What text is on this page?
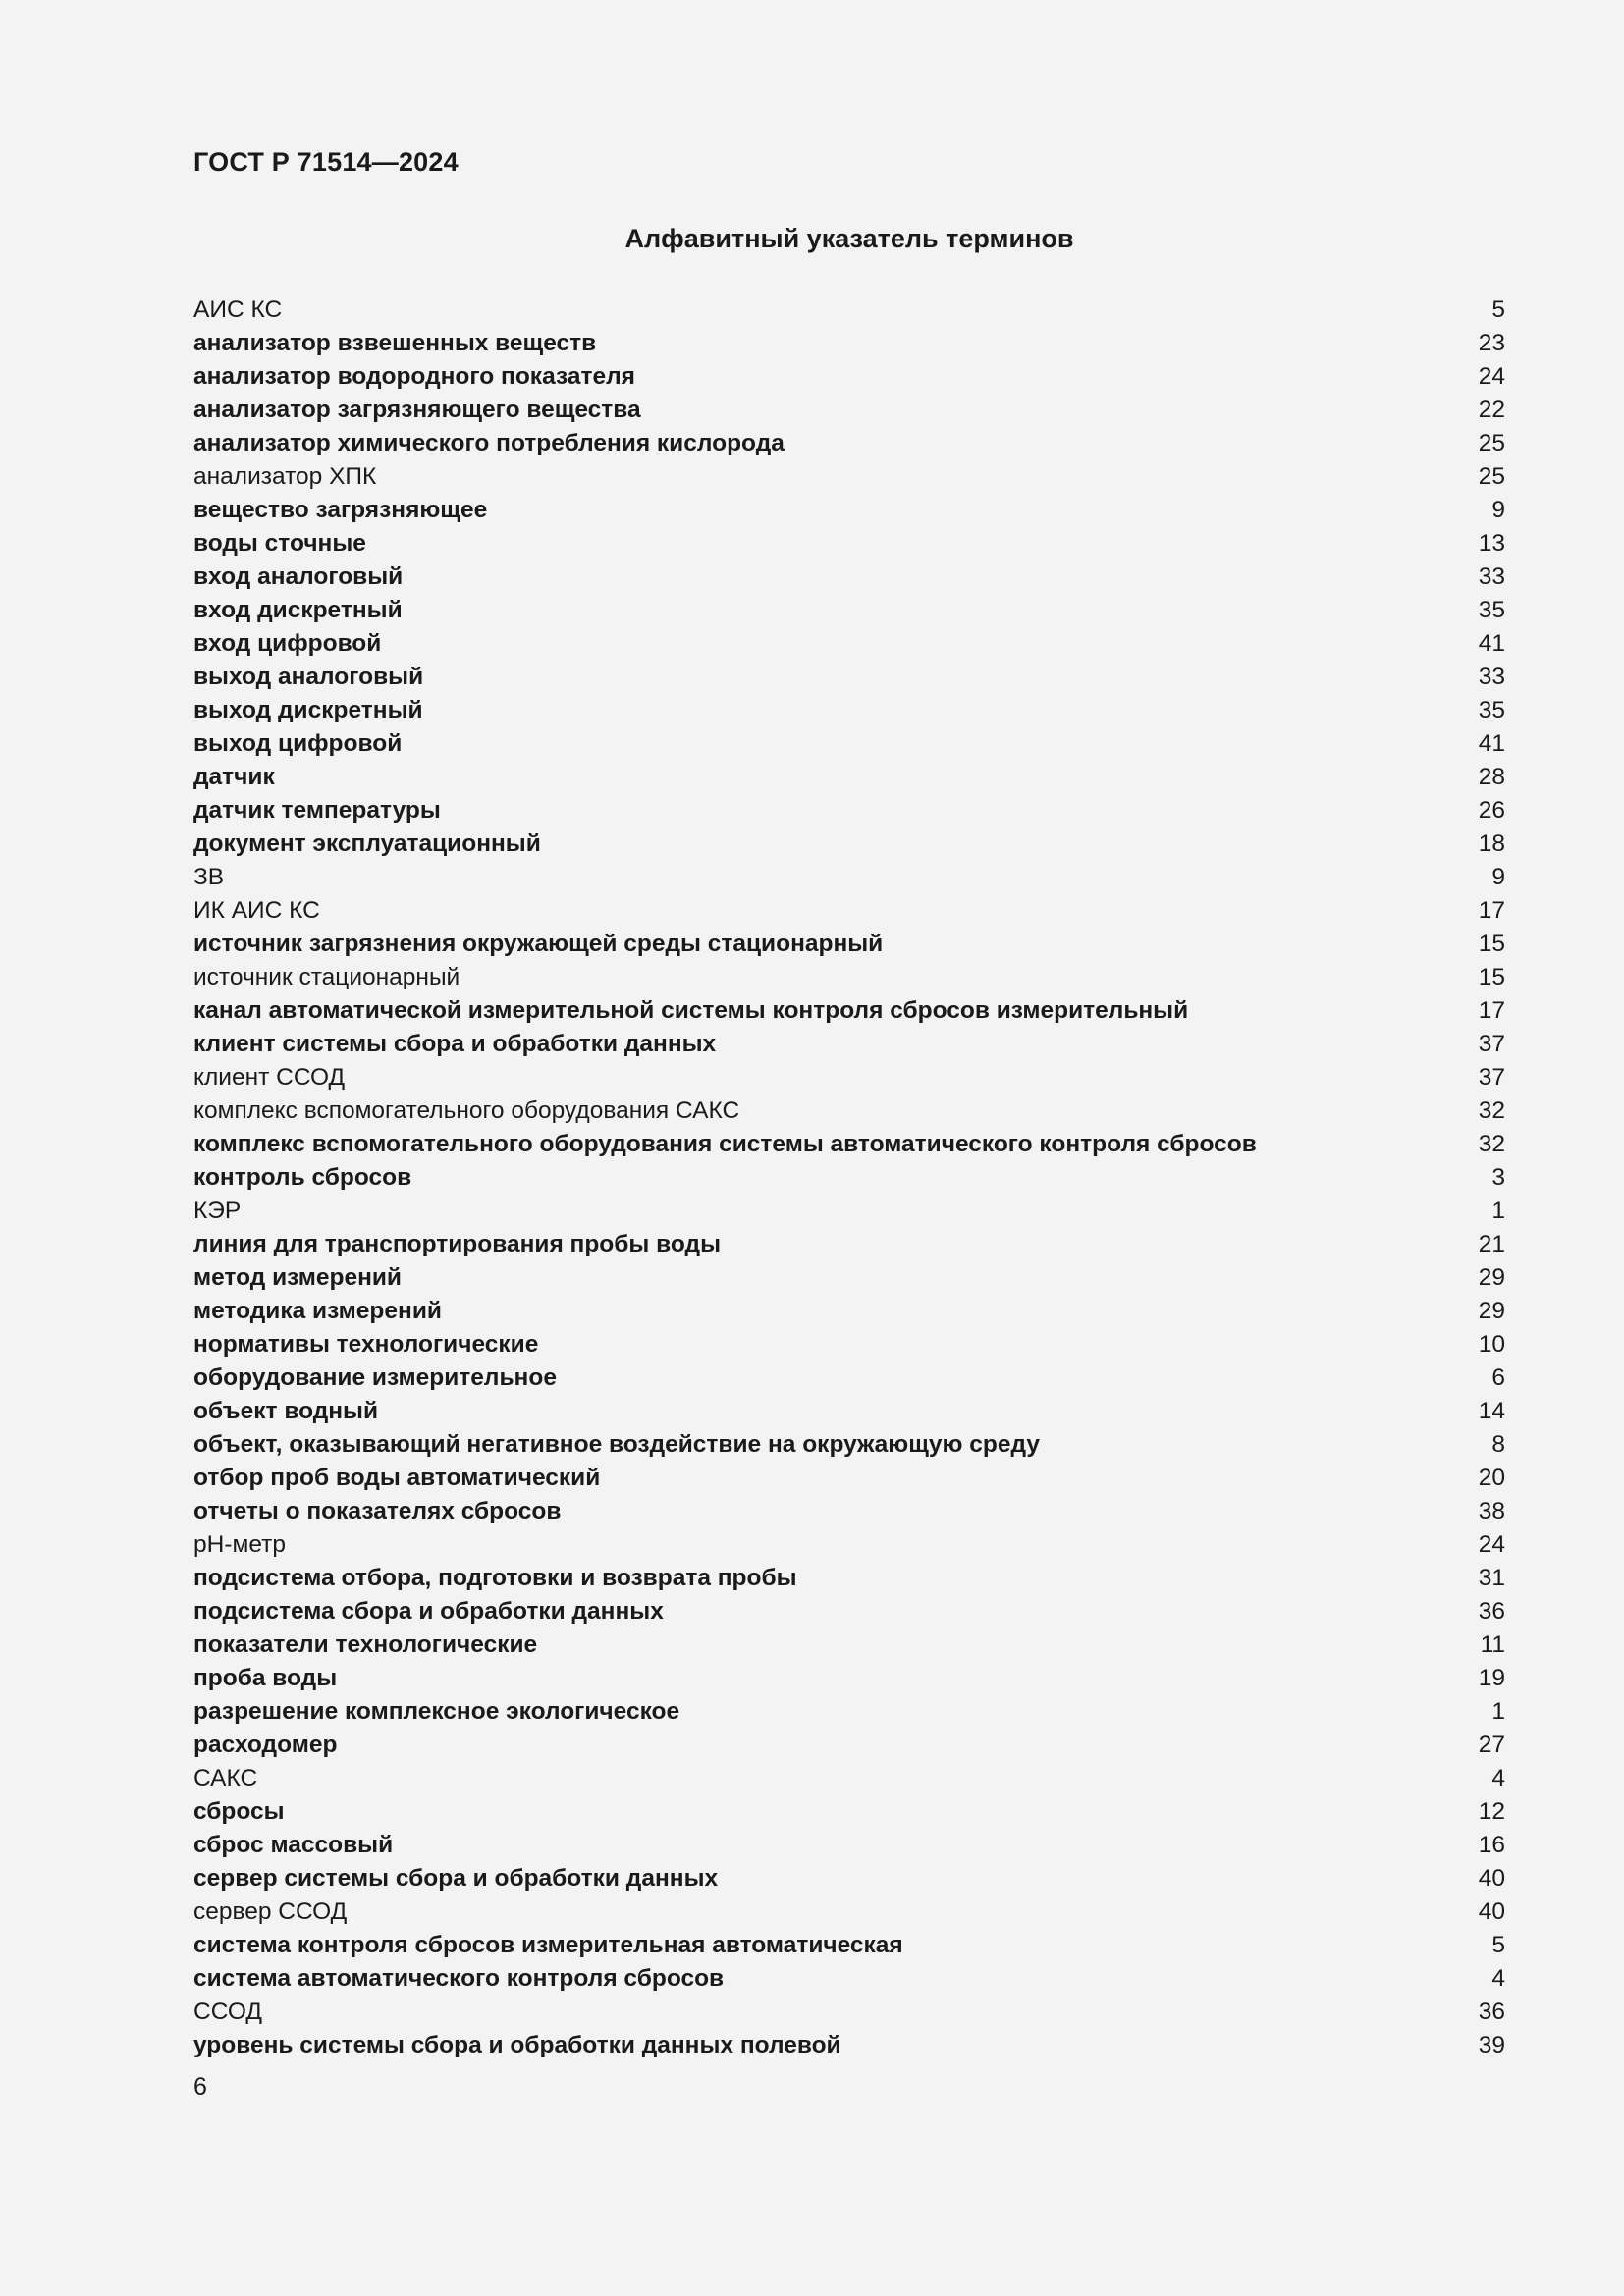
ГОСТ Р 71514—2024
Алфавитный указатель терминов
АИС КС	5
анализатор взвешенных веществ	23
анализатор водородного показателя	24
анализатор загрязняющего вещества	22
анализатор химического потребления кислорода	25
анализатор ХПК	25
вещество загрязняющее	9
воды сточные	13
вход аналоговый	33
вход дискретный	35
вход цифровой	41
выход аналоговый	33
выход дискретный	35
выход цифровой	41
датчик	28
датчик температуры	26
документ эксплуатационный	18
ЗВ	9
ИК АИС КС	17
источник загрязнения окружающей среды стационарный	15
источник стационарный	15
канал автоматической измерительной системы контроля сбросов измерительный	17
клиент системы сбора и обработки данных	37
клиент ССОД	37
комплекс вспомогательного оборудования САКС	32
комплекс вспомогательного оборудования системы автоматического контроля сбросов	32
контроль сбросов	3
КЭР	1
линия для транспортирования пробы воды	21
метод измерений	29
методика измерений	29
нормативы технологические	10
оборудование измерительное	6
объект водный	14
объект, оказывающий негативное воздействие на окружающую среду	8
отбор проб воды автоматический	20
отчеты о показателях сбросов	38
рН-метр	24
подсистема отбора, подготовки и возврата пробы	31
подсистема сбора и обработки данных	36
показатели технологические	11
проба воды	19
разрешение комплексное экологическое	1
расходомер	27
САКС	4
сбросы	12
сброс массовый	16
сервер системы сбора и обработки данных	40
сервер ССОД	40
система контроля сбросов измерительная автоматическая	5
система автоматического контроля сбросов	4
ССОД	36
уровень системы сбора и обработки данных полевой	39
6
